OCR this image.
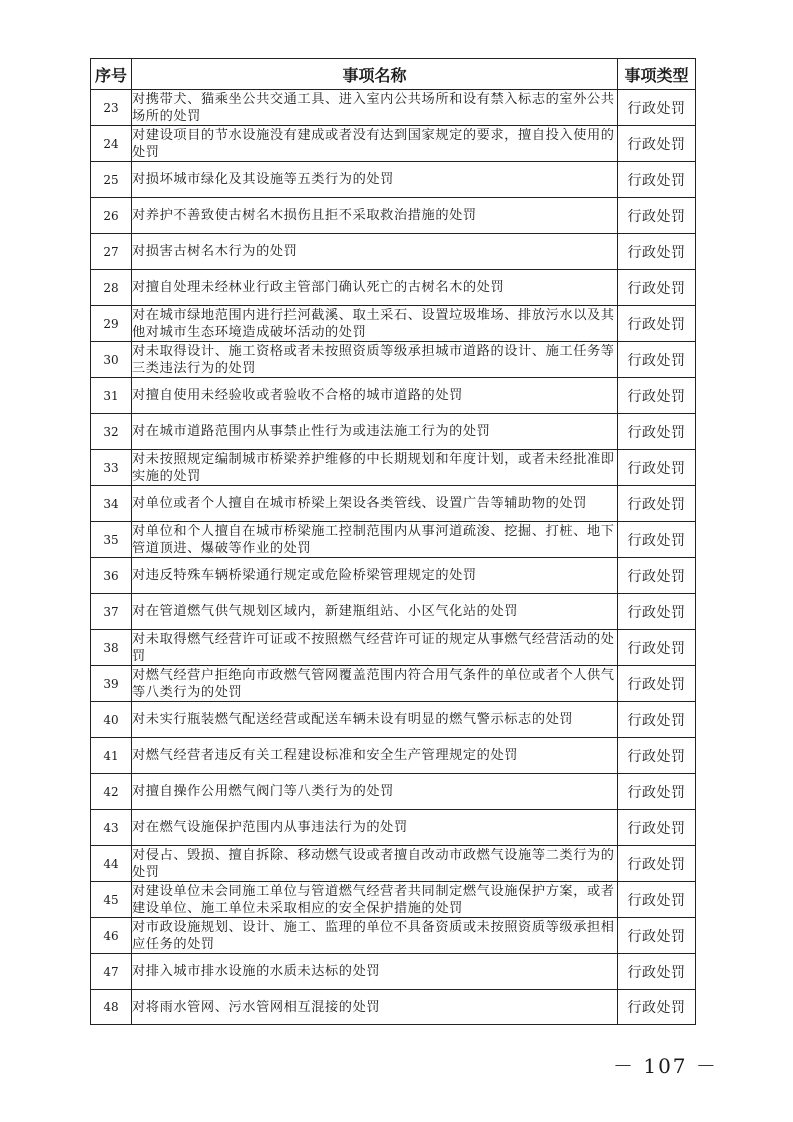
序号	事项名称	事项类型
23	对携带犬、猫乘坐公共交通工具、进入室内公共场所和设有禁入标志的室外公共场所的处罚	行政处罚
24	对建设项目的节水设施没有建成或者没有达到国家规定的要求，擅自投入使用的处罚	行政处罚
25	对损坏城市绿化及其设施等五类行为的处罚	行政处罚
26	对养护不善致使古树名木损伤且拒不采取救治措施的处罚	行政处罚
27	对损害古树名木行为的处罚	行政处罚
28	对擅自处理未经林业行政主管部门确认死亡的古树名木的处罚	行政处罚
29	对在城市绿地范围内进行拦河截溪、取土采石、设置垃圾堆场、排放污水以及其他对城市生态环境造成破坏活动的处罚	行政处罚
30	对未取得设计、施工资格或者未按照资质等级承担城市道路的设计、施工任务等三类违法行为的处罚	行政处罚
31	对擅自使用未经验收或者验收不合格的城市道路的处罚	行政处罚
32	对在城市道路范围内从事禁止性行为或违法施工行为的处罚	行政处罚
33	对未按照规定编制城市桥梁养护维修的中长期规划和年度计划，或者未经批准即实施的处罚	行政处罚
34	对单位或者个人擅自在城市桥梁上架设各类管线、设置广告等辅助物的处罚	行政处罚
35	对单位和个人擅自在城市桥梁施工控制范围内从事河道疏浚、挖掘、打桩、地下管道顶进、爆破等作业的处罚	行政处罚
36	对违反特殊车辆桥梁通行规定或危险桥梁管理规定的处罚	行政处罚
37	对在管道燃气供气规划区域内，新建瓶组站、小区气化站的处罚	行政处罚
38	对未取得燃气经营许可证或不按照燃气经营许可证的规定从事燃气经营活动的处罚	行政处罚
39	对燃气经营户拒绝向市政燃气管网覆盖范围内符合用气条件的单位或者个人供气等八类行为的处罚	行政处罚
40	对未实行瓶装燃气配送经营或配送车辆未设有明显的燃气警示标志的处罚	行政处罚
41	对燃气经营者违反有关工程建设标准和安全生产管理规定的处罚	行政处罚
42	对擅自操作公用燃气阀门等八类行为的处罚	行政处罚
43	对在燃气设施保护范围内从事违法行为的处罚	行政处罚
44	对侵占、毁损、擅自拆除、移动燃气设或者擅自改动市政燃气设施等二类行为的处罚	行政处罚
45	对建设单位未会同施工单位与管道燃气经营者共同制定燃气设施保护方案，或者建设单位、施工单位未采取相应的安全保护措施的处罚	行政处罚
46	对市政设施规划、设计、施工、监理的单位不具备资质或未按照资质等级承担相应任务的处罚	行政处罚
47	对排入城市排水设施的水质未达标的处罚	行政处罚
48	对将雨水管网、污水管网相互混接的处罚	行政处罚
－ 107 －
